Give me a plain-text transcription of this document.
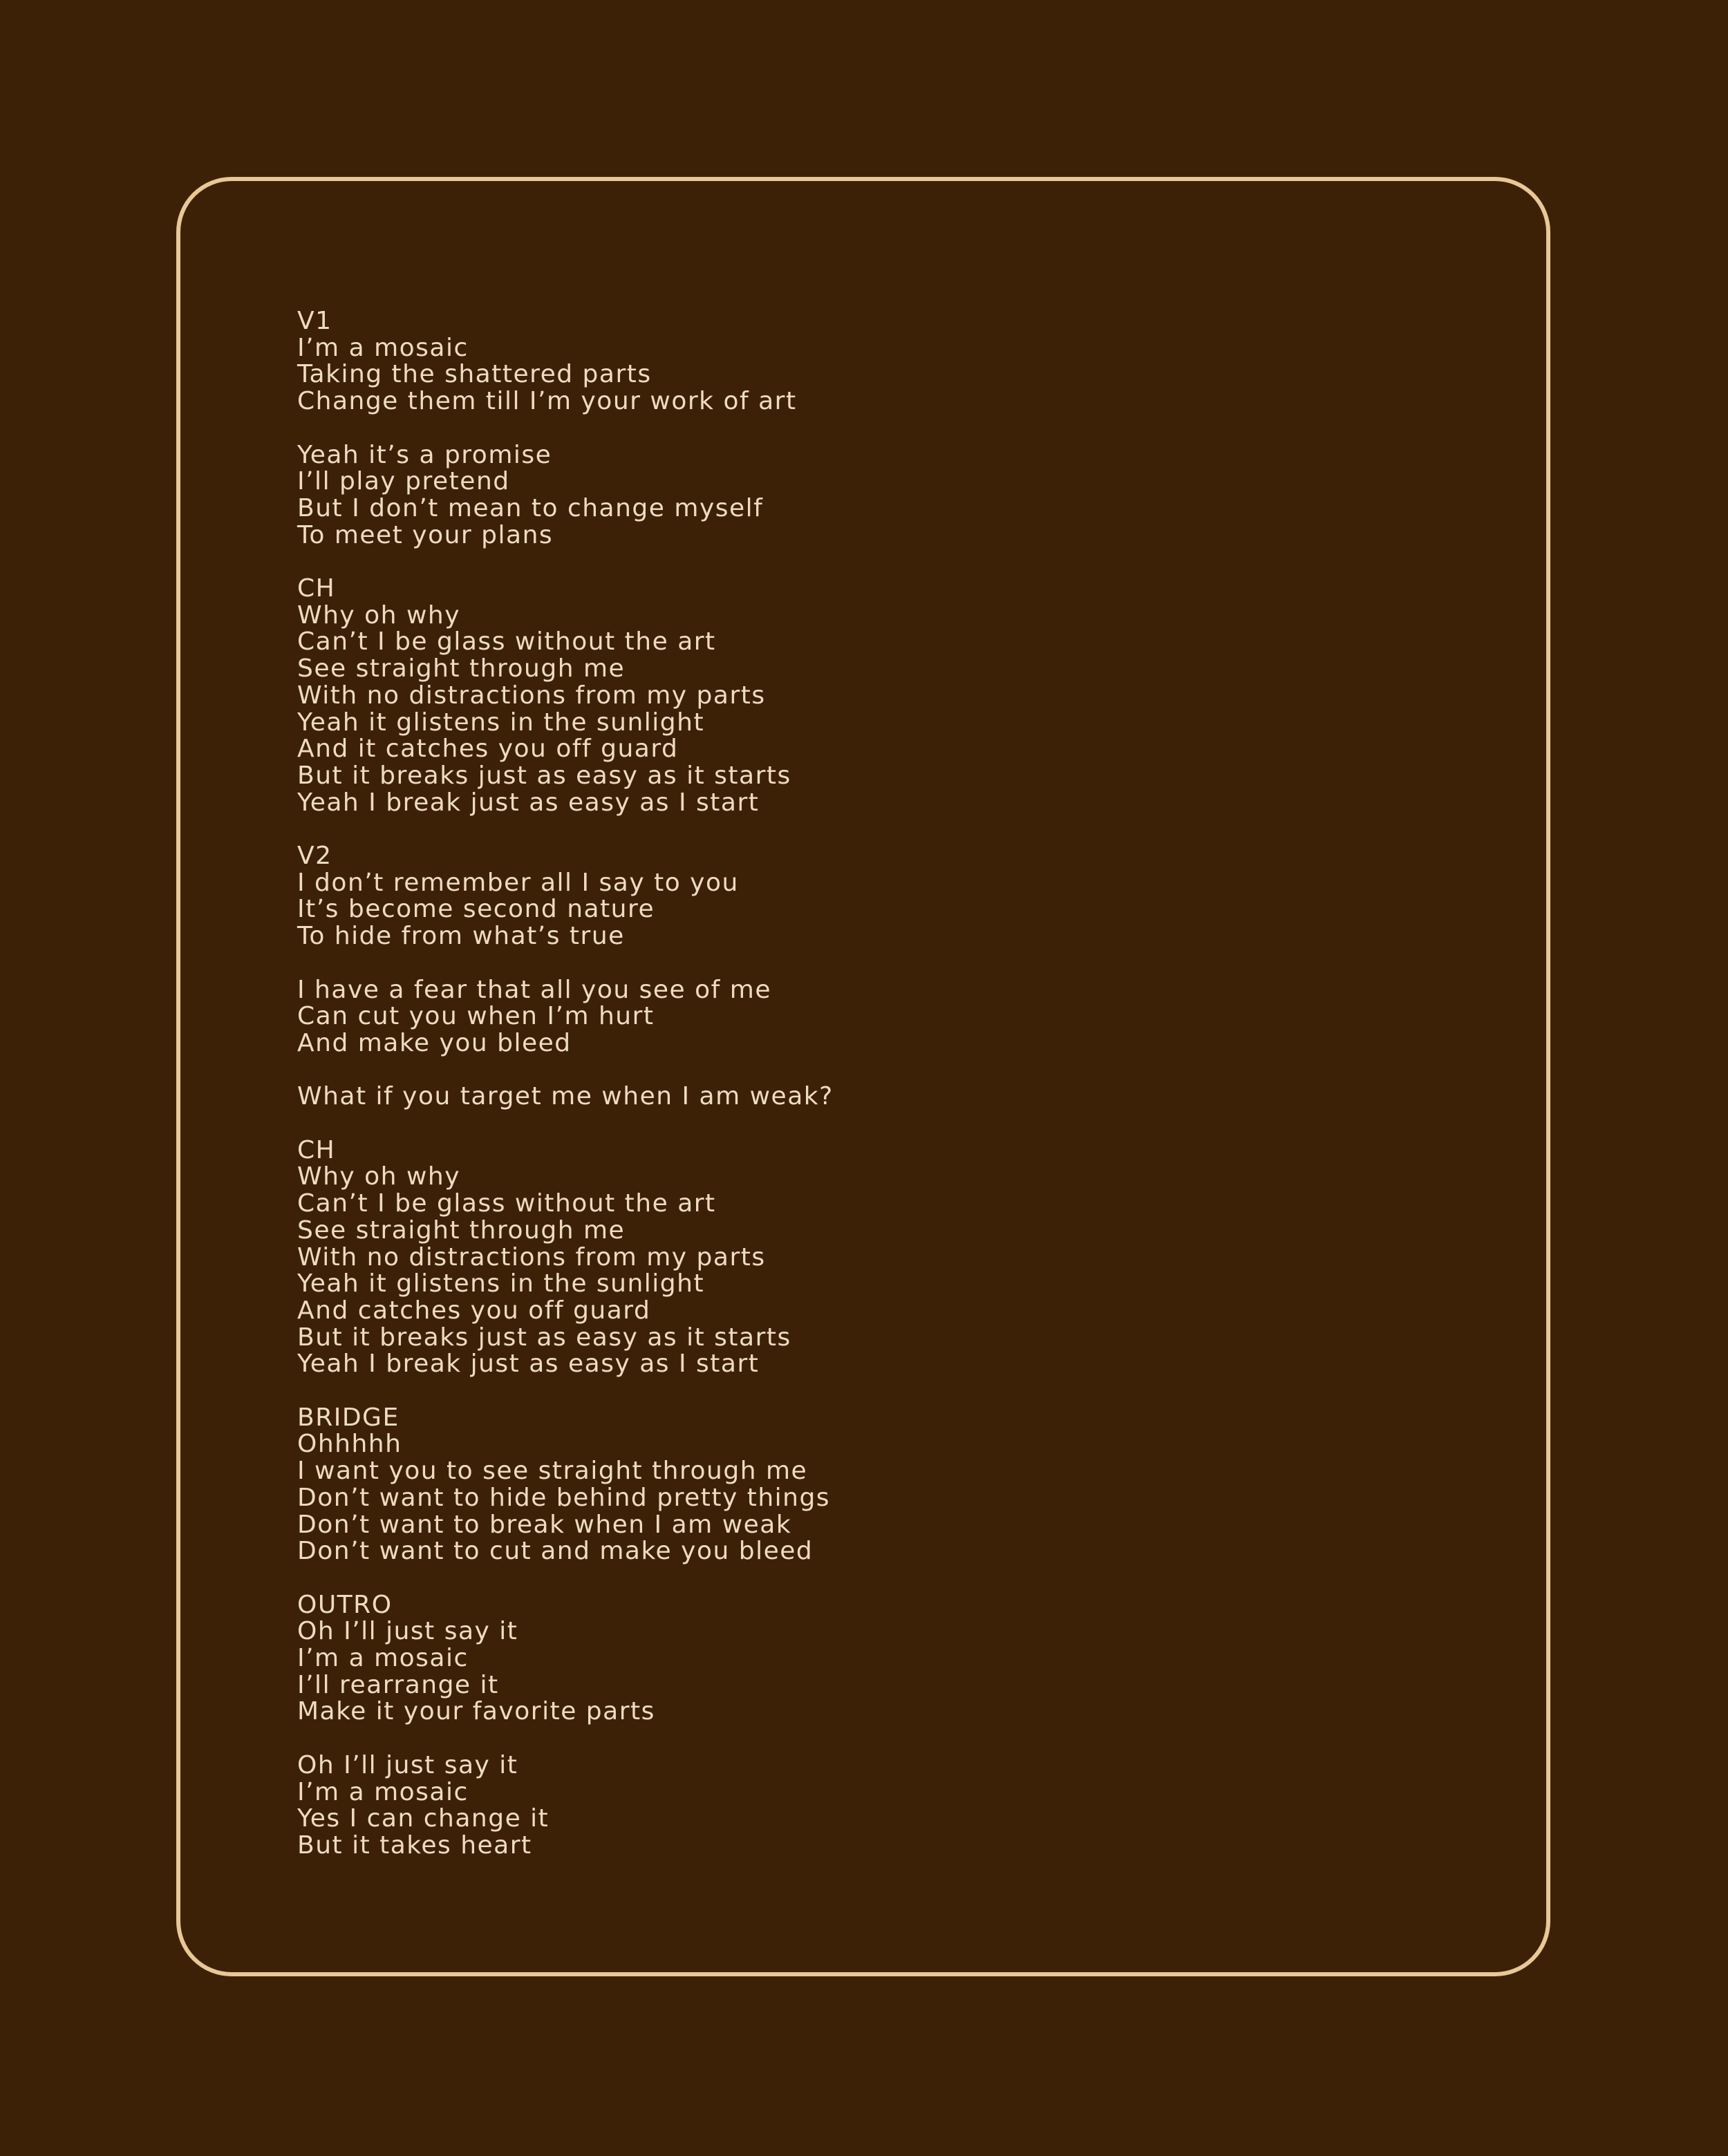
V1
I’m a mosaic
Taking the shattered parts
Change them till I’m your work of art
Yeah it’s a promise
I’ll play pretend
But I don’t mean to change myself
To meet your plans
CH
Why oh why
Can’t I be glass without the art
See straight through me
With no distractions from my parts
Yeah it glistens in the sunlight
And it catches you off guard
But it breaks just as easy as it starts
Yeah I break just as easy as I start
V2
I don’t remember all I say to you
It’s become second nature
To hide from what’s true
I have a fear that all you see of me
Can cut you when I’m hurt
And make you bleed
What if you target me when I am weak?
CH
Why oh why
Can’t I be glass without the art
See straight through me
With no distractions from my parts
Yeah it glistens in the sunlight
And catches you off guard
But it breaks just as easy as it starts
Yeah I break just as easy as I start
BRIDGE
Ohhhhh
I want you to see straight through me
Don’t want to hide behind pretty things
Don’t want to break when I am weak
Don’t want to cut and make you bleed
OUTRO
Oh I’ll just say it
I’m a mosaic
I’ll rearrange it
Make it your favorite parts
Oh I’ll just say it
I’m a mosaic
Yes I can change it
But it takes heart
